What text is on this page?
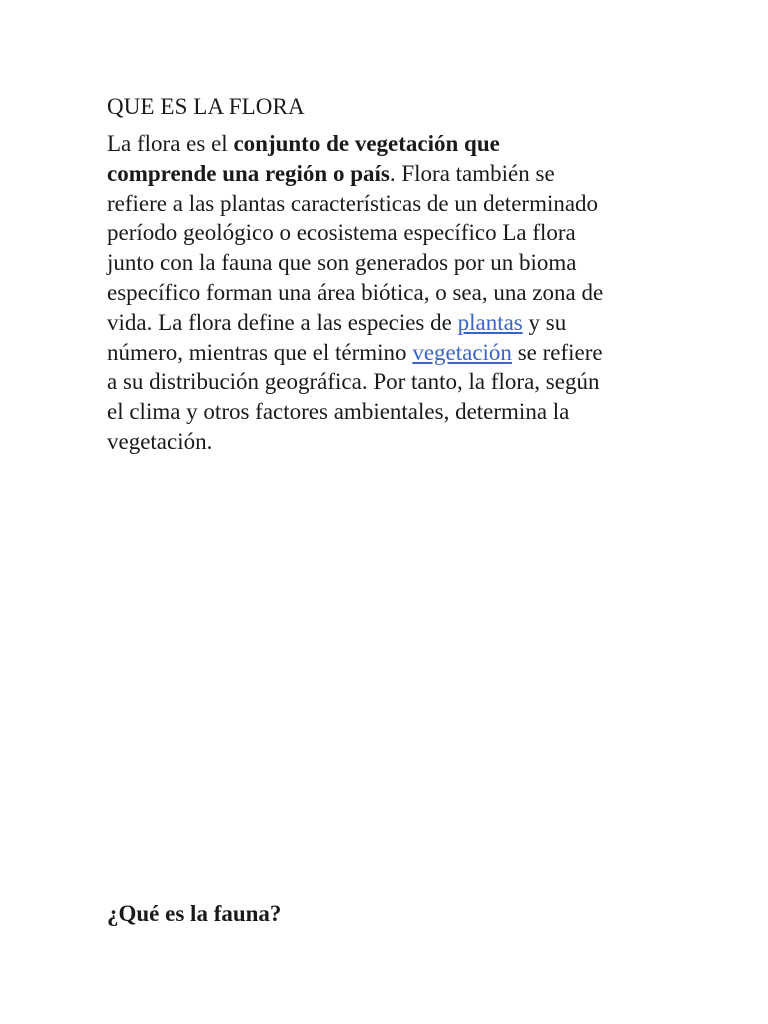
QUE ES LA FLORA
La flora es el conjunto de vegetación que
comprende una región o país. Flora también se
refiere a las plantas características de un determinado
período geológico o ecosistema específico La flora
junto con la fauna que son generados por un bioma
específico forman una área biótica, o sea, una zona de
vida. La flora define a las especies de plantas y su
número, mientras que el término vegetación se refiere
a su distribución geográfica. Por tanto, la flora, según
el clima y otros factores ambientales, determina la
vegetación.
¿Qué es la fauna?
